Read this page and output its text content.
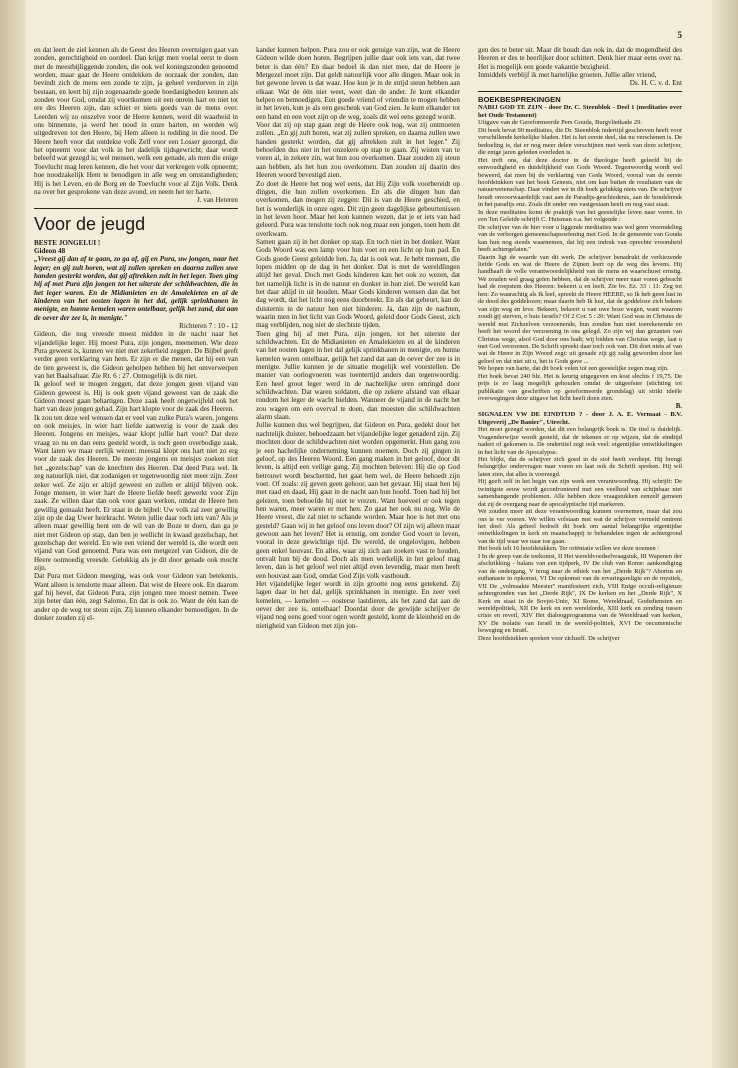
5

en dat leert de ziel kennen als de Geest des Heeren overtuigen gaat van zonden, gerechtigheid en oordeel. Dan krijgt men voelal eerst te doen met de meestbijliggende zonden, die ook wel koningszonden genoemd worden, maar gaat de Heere ontdekken de oorzaak der zonden, dan bevindt zich de mens een zonde te zijn, ja geheel verdorven in zijn bestaan, en leert hij zijn zogenaamde goede hoedanigheden kennen als zonden voor God, omdat zij voortkomen uit een onrein hart en niet tot ere des Heeren zijn, dan schiet er niets goeds van de mens over. Leerden wij zo onszelve voor de Heere kennen, werd dit waarheid in ons binnenste, ja werd het nood in onze harten, en werden wij uitgedreven tot den Heere, bij Hem alleen is redding in die nood. De Heere heeft voor dat ontdekte volk Zelf voor een Losser gezorgd, die het opneemt voor dat volk in het dadelijk tijdsgewricht; daar wordt beleefd wat gezegd is; wel mensen, welk een genade, als men die enige Toevlucht mag leren kennen, die het voor dat verkregen volk opneemt; hoe noodzakelijk Hem te benodigen in alle weg en omstandigheden; Hij is het Leven, en de Borg en de Toevlucht voor al Zijn Volk. Denk na over het gesprokene van deze avond, en neem het ter harte.

J. van Heteren

Voor de jeugd

BESTE JONGELUI !

Gideon 48

„Vreest gij dan af te gaan, zo ga af, gij en Pura, uw jongen, naar het leger; en gij zult horen, wat zij zullen spreken en daarna zullen uwe handen gesterkt worden, dat gij aftrekken zult in het leger. Toen ging hij af met Pura zijn jongen tot het uiterste der schildwachten, die in het leger waren. En de Midianieten en de Amalekieten en al de kinderen van het oosten lagen in het dal, gelijk sprinkhanen in menigte, en hunne kemelen waren ontelbaar, gelijk het zand, dat aan de oever der zee is, in menigte."

Richteren 7 : 10 - 12

Gideon, die nog vreesde moest midden in de nacht naar het vijandelijke leger. Hij moest Pura, zijn jongen, meenemen. Wie deze Pura geweest is, kunnen we niet met zekerheid zeggen. De Bijbel geeft verder geen verklaring van hem. Er zijn er die menen, dat hij een van de tien geweest is, die Gideon geholpen hebben bij het omverwerpen van het Baalsaltaar. Zie Rt. 6 : 27. Onmogelijk is dit niet.

Ik geloof wel te mogen zeggen, dat deze jongen geen vijand van Gideon geweest is. Hij is ook geen vijand geweest van de zaak die Gideon moest gaan behartigen. Deze zaak heeft ongetwijfeld ook het hart van deze jongen gehad. Zijn hart klopte voor de zaak des Heeren.

Ik zou ten deze wel wensen dat er veel van zulke Pura's waren, jongens en ook meisjes, in wier hart liefde aanwezig is voor de zaak des Heeren. Jongens en meisjes, waar klopt jullie hart voor? Dat deze vraag zo nu en dan eens gesteld wordt, is toch geen overbodige zaak. Want laten we maar eerlijk wezen: meestal klopt ons hart niet zo erg voor de zaak des Heeren. De meeste jongens en meisjes zoeken niet het „gezelschap" van de knechten des Heeren. Dat deed Pura wel. Ik zeg natuurlijk niet, dat zodanigen er tegenwoordig niet meer zijn. Zeer zeker wel. Ze zijn er altijd geweest en zullen er altijd blijven ook. Jonge mensen, in wier hart de Heere liefde heeft gewerkt voor Zijn zaak. Ze willen daar dan ook voor gaan werken, omdat de Heere hen gewillig gemaakt heeft. Er staat in de bijbel: Uw volk zal zeer gewillig zijn op de dag Uwer heirkracht. Weten jullie daar toch iets van? Als je alleen maar gewillig bent om de wil van de Boze te doen, dan ga je niet met Gideon op stap, dan ben je wellicht in kwaad gezelschap, het gezelschap der wereld. En wie een vriend der wereld is, die wordt een vijand van God genoemd. Pura was een metgezel van Gideon, die de Heere ootmoedig vreesde. Gelukkig als je dit door genade ook mocht zijn.

Dat Pura met Gideon meeging, was ook voor Gideon van betekenis. Want alleen is tenslotte maar alleen. Dat wist de Heere ook. En daarom gaf hij bevel, dat Gideon Pura, zijn jongen mee moest nemen. Twee zijn beter dan één, zegt Salomo. En dat is ook zo. Want de één kan de ander op de weg tot steun zijn. Zij kunnen elkander bemoedigen. In de donker zouden zij el-

kander kunnen helpen. Pura zou er ook getuige van zijn, wat de Heere Gideon wilde doen horen. Begrijpen jullie daar ook iets van, dat twee beter is dan één? En daar bedoel ik dan niet mee, dat de Heere je Metgezel moet zijn. Dat geldt natuurlijk voor alle dingen. Maar ook in het gewone leven is dat waar. Hoe kun je in de strijd steun hebben aan elkaar. Wat de één niet weet, weet dan de ander. Je kunt elkander helpen en bemoedigen. Een goede vriend of vriendin te mogen hebben in het leven, kun je als een geschenk van God zien. Je kunt elkander tot een hand en een voet zijn op de weg, zoals dit wel eens gezegd wordt.

Voor dat zij op stap gaan zegt de Heere ook nog, wat zij ontmoeten zullen. „En gij zult horen, wat zij zullen spreken, en daarna zullen uwe handen gesterkt worden, dat gij aftrekken zult in het leger." Zij behoefden dus niet in het onzekere op stap te gaan. Zij wisten van te voren al, in zekere zin, wat hun zou overkomen. Daar zouden zij steun aan hebben, als het hun zou overkomen. Dan zouden zij daarin des Heeren woord bevestigd zien.

Zo doet de Heere het nog wel eens, dat Hij Zijn volk voorbereidt op dingen, die hun zullen overkomen. En als die dingen hun dan overkomen, dan mogen zij zeggen: Dit is van de Heere geschied, en het is wonderlijk in onze ogen. Dit zijn geen dagelijkse gebeurtenissen in het leven hoor. Maar het kon kunnen wezen, dat je er iets van had geleerd. Pura was tenslotte toch ook nog maar een jongen, toen hem dit overkwam.

Samen gaan zij in het donker op stap. En toch niet in het donker. Want Gods Woord was een lamp voor hun voet en een licht op hun pad. En Gods goede Geest geleidde hen. Ja, dat is ook wat. Je hebt mensen, die lopen midden op de dag in het donker. Dat is met de wereldlingen altijd het geval. Doch met Gods kinderen kan het ook zo wezen, dat het namelijk licht is in de natuur en donker in hun ziel. De wereld kan het daar altijd in uit houden. Maar Gods kinderen wensen dan dat het dag wordt, dat het licht nog eens doorbreekt. En als dat gebeurt, kan de duisternis in de natuur hen niet hinderen. Ja, dan zijn de nachten, waarin men in het licht van Gods Woord, geleid door Gods Geest, zich mag verblijden, nog niet de slechtste tijden.

Toen ging hij af met Pura, zijn jongen, tot het uiterste der schildwachten. En de Midianieten en Amalekieten en al de kinderen van het oosten lagen in het dal gelijk sprinkhanen in menigte, en hunne kemelen waren ontelbaar, gelijk het zand dat aan de oever der zee is in menigte. Jullie kunnen je de situatie mogelijk wel voorstellen. De manier van oorlogvoeren was toentertijd anders dan tegenwoordig. Een heel groot leger werd in de nachtelijke uren omringd door schildwachten. Dat waren soldaten, die op zekere afstand van elkaar rondom het leger de wacht hielden. Wanneer de vijand in de nacht het zou wagen om een overval te doen, dan moesten die schildwachten alarm slaan.

Jullie kunnen dus wel begrijpen, dat Gideon en Pura, gedekt door het nachtelijk duister, behoedzaam het vijandelijke leger genaderd zijn. Zij mochten door de schildwachten niet worden opgemerkt. Hun gang zou je een hachelijke onderneming kunnen noemen. Doch zij gingen in geloof, op des Heeren Woord. Een gang maken in het geloof, door dit leven, is altijd een veilige gang. Zij mochten beleven: Hij die op God betrouwt wordt beschermd, het gaat hem wel, de Heere behoedt zijn voet. Of zoals: zij geven geen gehoor, aan het gevaar. Hij staat hen bij met raad en daad, Hij gaat in de nacht aan hun hoofd. Toen had hij het gelezen, toen behoefde hij niet te vrezen. Want hoeveel er ook tegen hen waren, meer waren er met hen. Zo gaat het ook nu nog. Wie de Heere vreest, die zal niet te schande worden. Maar hoe is het met ons gesteld? Gaan wij in het geloof ons leven door? Of zijn wij alleen maar gewoon aan het leven? Het is ernstig, om zonder God voort te leven, vooral in deze gewichtige tijd. De wereld, de ongelovigen, hebben geen enkel houvast. En alles, waar zij zich aan zoeken vast te houden, ontvalt hun bij de dood. Doch als men werkelijk in het geloof mag leven, dan is het geloof wel niet altijd even levendig, maar men heeft een houvast aan God, omdat God Zijn volk vasthoudt.

Het vijandelijke leger wordt in zijn grootte nog eens getekend. Zij lagen daar in het dal, gelijk sprinkhanen in menigte. En zeer veel kemelen, — kemelen — oosterse lastdieren, als het zand dat aan de oever der zee is, ontelbaar! Doordat door de gewijde schrijver de vijand nog eens goed voor ogen wordt gesteld, komt de kleinheid en de nietigheid van Gideon met zijn jon-

gen des te beter uit. Maar dit houdt dan ook in, dat de mogendheid des Heeren er des te heerlijker door schittert. Denk hier maar eens over na. Het is mogelijk een goede vakantie bezigheid.

Inmiddels verblijf ik met hartelijke groeten. Jullie aller vriend,

Ds. H. C. v. d. Ent

BOEKBESPREKINGEN

NABIJ GOD TE ZIJN - door Dr. C. Steenblok - Deel 1 (meditaties over het Oude Testament)

Uitgave van de Gereformeerde Pers Gouda, Burgvlietkade 29.

Dit boek bevat 90 meditaties, die Dr. Steenblok indertijd geschreven heeft voor verschillende kerkelijke bladen. Het is het eerste deel, dat nu verschenen is. De bedoeling is, dat er nog meer delen verschijnen met werk van deze schrijver, die enige jaren geleden overleden is.

Het treft ons, dat deze doctor in de theologie heeft geleefd bij de eenvoudigheid en duidelijkheid van Gods Woord. Tegenwoordig wordt wel beweerd, dat men bij de verklaring van Gods Woord, vooral van de eerste hoofdstukken van het boek Genesis, niet om kan buiten de resultaten van de natuurwetenschap. Daar vinden we in dit boek gelukkig niets van. De schrijver houdt onvoorwaardelijk vast aan de Paradijs-geschiedenis, aan de bondsbreuk in het paradijs enz. Zoals dit onder ons vastgestaan heeft en nog vast staat.

In deze meditaties komt de praktijk van het geestelijke leven naar voren. In een Ten Geleide schrijft C. Huisman o.a. het volgende :

De schrijver van de hier voor u liggende meditaties was wel geen vreemdeling van de verborgen gemeenschapsoefening met God. In de gemeente van Gouda kan hun nog steeds waarnemen, dat hij een indruk van oprechte vroomheid heeft achtergelaten."

Daarin ligt de waarde van dit werk. De schrijver benadrukt de verkiezende liefde Gods en wat de Heere de Zijnen leert op de weg des levens. Hij handhaaft de volle verantwoordelijkheid van de mens en waarschuwt ernstig. We zouden wel graag geïen hebben, dat de schrijver meer naar voren gebracht had de roepstem des Heeren: bekeert u en leeft. Zie bv. Ez. 33 : 11: Zeg tot hen: Zo waarachtig als Ik leef, spreekt de Heere HEERE, so Ik heb geen lust in de dood des goddelozen; maar daarin heb Ik lust, dat de goddeloze zich bekere van zijn weg en leve. Bekeert, bekeert u van uwe boze wegen, want waarom zoudt gij sterven, o huis Israëls? Of 2 Cor. 5 : 20: Want God was in Christus de wereld met Zichzelven verzoenende, hun zonden hun niet toerekenende en heeft het woord der verzoening in ons gelegd. Zo zijn wij dan gezanten van Christus wege, alsof God door ons badt; wij bidden van Christus wege, laat u met God verzoenen. De Schrift spreekt daar toch ook van. Dit doet niets af van wat de Heere in Zijn Woord zegt: uit genade zijt gij zalig geworden door het geloof en dat niet uit u, het is Gods gave ...

We hopen van harte, dat dit boek velen tot een geestelijke zegen mag zijn.

Het boek bevat 240 blz. Het is keurig uitgegeven en kost slechts f 19,75. De prijs is zo laag mogelijk gehouden omdat de uitgeefster (stichting tot publikatie van geschriften op gereformeerde grondslag) uit strikt ideële overwegingen deze uitgave het licht heeft doen zien.

B.

SIGNALEN VW DE EINDTIJD ? - door J. A. E. Vermaat - B.V. Uitgeverij „De Banier", Utrecht.

Het moet gezegd worden, dat dit een belangrijk boek is. De titel is duidelijk. Vragenderwijze wordt gesteld, dat de tekenen er op wijzen, dat de eindtijd nadert of gekomen is. De ondertitel zegt ook veel: eigentijdse ontwikkelingen in het licht van de Apocalypse.

Het blijkt, dat de schrijver zich goed in de stof heeft verdiept. Hij brengt belangrijke ondervragen naar voren en laat ook de Schrift spreken. Hij wil laten zien, dat alles is voorzegd.

Hij geeft zelf in het begin van zijn werk een verantwoording. Hij schrijft: De twintigste eeuw wordt geconfronteerd met een veelheid van schijnbaar niet samenhangende problemen. Alle hebben deze vraagstukken eenzelf gemeen dat zij de overgang naar de apocalyptische tijd markeren.

We zouden meer uit deze verantwoording kunnen overnemen, maar dat zou ons te ver voeren. We willen volstaan met wat de schrijver vermeld omtrent het doel: Als geheel bedoelt dit boek om aantal belangrijke eigentijdse ontwikkelingen in kerk en maatschappij te behandelen tegen de achtergrond van de tijd waar we naar toe gaan.

Het boek telt 16 hoofdstukken. Ter oriëntatie willen we deze noemen :

I In de greep van de toekomst, II Het wereldvoedselvraagstuk, III Wapenen der afschrikking - balans van een tijdperk, IV De club van Rome: aankondiging van de ondergang, V terug naar de ethiek van het „Derde Rijk"? Abortus en euthanasie in opkomst, VI De opkomst van de ervaringsreligie en de mystiek, VII De „volmaakte Meester" manifesteert zich, VIII Enige occult-religieuze achtergronden van het „Derde Rijk", IX De kerken en het „Derde Rijk", X Kerk en staat in de Sovjet-Unie, XI Rome, Wereldraad, Godsdiensten en wereldpolitiek, XII De kerk en een wereldorde, XIII kerk en zending tussen crisis en reveil, XIV Het dialoogprogramma van de Wereldraad van kerken, XV De isolatie van Israël in de wereld-politiek, XVI De oecumenische beweging en Israël.

Deze hoofdstukken spreken voor zichzelf. De schrijver
